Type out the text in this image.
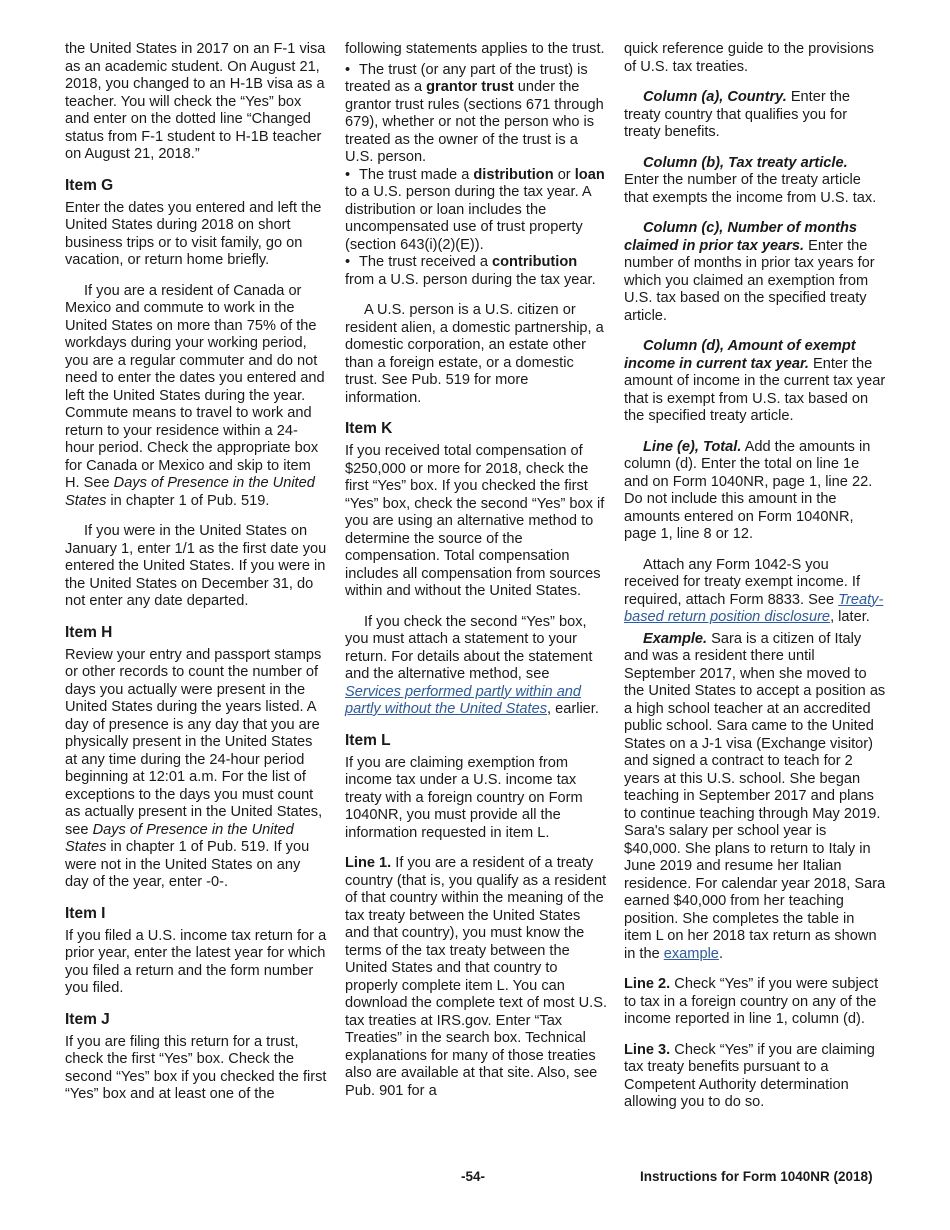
the United States in 2017 on an F-1 visa as an academic student. On August 21, 2018, you changed to an H-1B visa as a teacher. You will check the “Yes” box and enter on the dotted line “Changed status from F-1 student to H-1B teacher on August 21, 2018.”

Item G

Enter the dates you entered and left the United States during 2018 on short business trips or to visit family, go on vacation, or return home briefly.

If you are a resident of Canada or Mexico and commute to work in the United States on more than 75% of the workdays during your working period, you are a regular commuter and do not need to enter the dates you entered and left the United States during the year. Commute means to travel to work and return to your residence within a 24-hour period. Check the appropriate box for Canada or Mexico and skip to item H. See Days of Presence in the United States in chapter 1 of Pub. 519.

If you were in the United States on January 1, enter 1/1 as the first date you entered the United States. If you were in the United States on December 31, do not enter any date departed.

Item H

Review your entry and passport stamps or other records to count the number of days you actually were present in the United States during the years listed. A day of presence is any day that you are physically present in the United States at any time during the 24-hour period beginning at 12:01 a.m. For the list of exceptions to the days you must count as actually present in the United States, see Days of Presence in the United States in chapter 1 of Pub. 519. If you were not in the United States on any day of the year, enter -0-.

Item I

If you filed a U.S. income tax return for a prior year, enter the latest year for which you filed a return and the form number you filed.

Item J

If you are filing this return for a trust, check the first “Yes” box. Check the second “Yes” box if you checked the first “Yes” box and at least one of the

following statements applies to the trust.

• The trust (or any part of the trust) is treated as a grantor trust under the grantor trust rules (sections 671 through 679), whether or not the person who is treated as the owner of the trust is a U.S. person.

• The trust made a distribution or loan to a U.S. person during the tax year. A distribution or loan includes the uncompensated use of trust property (section 643(i)(2)(E)).

• The trust received a contribution from a U.S. person during the tax year.

A U.S. person is a U.S. citizen or resident alien, a domestic partnership, a domestic corporation, an estate other than a foreign estate, or a domestic trust. See Pub. 519 for more information.

Item K

If you received total compensation of $250,000 or more for 2018, check the first “Yes” box. If you checked the first “Yes” box, check the second “Yes” box if you are using an alternative method to determine the source of the compensation. Total compensation includes all compensation from sources within and without the United States.

If you check the second “Yes” box, you must attach a statement to your return. For details about the statement and the alternative method, see Services performed partly within and partly without the United States, earlier.

Item L

If you are claiming exemption from income tax under a U.S. income tax treaty with a foreign country on Form 1040NR, you must provide all the information requested in item L.

Line 1. If you are a resident of a treaty country (that is, you qualify as a resident of that country within the meaning of the tax treaty between the United States and that country), you must know the terms of the tax treaty between the United States and that country to properly complete item L. You can download the complete text of most U.S. tax treaties at IRS.gov. Enter “Tax Treaties” in the search box. Technical explanations for many of those treaties also are available at that site. Also, see Pub. 901 for a

quick reference guide to the provisions of U.S. tax treaties.

Column (a), Country. Enter the treaty country that qualifies you for treaty benefits.

Column (b), Tax treaty article. Enter the number of the treaty article that exempts the income from U.S. tax.

Column (c), Number of months claimed in prior tax years. Enter the number of months in prior tax years for which you claimed an exemption from U.S. tax based on the specified treaty article.

Column (d), Amount of exempt income in current tax year. Enter the amount of income in the current tax year that is exempt from U.S. tax based on the specified treaty article.

Line (e), Total. Add the amounts in column (d). Enter the total on line 1e and on Form 1040NR, page 1, line 22. Do not include this amount in the amounts entered on Form 1040NR, page 1, line 8 or 12.

Attach any Form 1042-S you received for treaty exempt income. If required, attach Form 8833. See Treaty-based return position disclosure, later.

Example. Sara is a citizen of Italy and was a resident there until September 2017, when she moved to the United States to accept a position as a high school teacher at an accredited public school. Sara came to the United States on a J-1 visa (Exchange visitor) and signed a contract to teach for 2 years at this U.S. school. She began teaching in September 2017 and plans to continue teaching through May 2019. Sara's salary per school year is $40,000. She plans to return to Italy in June 2019 and resume her Italian residence. For calendar year 2018, Sara earned $40,000 from her teaching position. She completes the table in item L on her 2018 tax return as shown in the example.

Line 2. Check “Yes” if you were subject to tax in a foreign country on any of the income reported in line 1, column (d).

Line 3. Check “Yes” if you are claiming tax treaty benefits pursuant to a Competent Authority determination allowing you to do so.

-54-	Instructions for Form 1040NR (2018)
